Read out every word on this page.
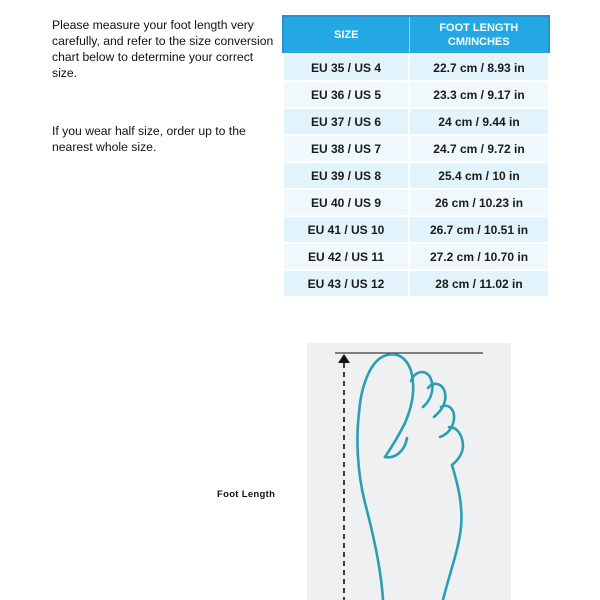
Please measure your foot length very carefully, and refer to the size conversion chart below to determine your correct size.

If you wear half size, order up to the nearest whole size.

SIZE	FOOT LENGTH
CM/INCHES
EU 35 / US 4	22.7 cm / 8.93 in
EU 36 / US 5	23.3 cm / 9.17 in
EU 37 / US 6	24 cm / 9.44 in
EU 38 / US 7	24.7 cm / 9.72 in
EU 39 / US 8	25.4 cm / 10 in
EU 40 / US 9	26 cm / 10.23 in
EU 41 / US 10	26.7 cm / 10.51 in
EU 42 / US 11	27.2 cm / 10.70 in
EU 43 / US 12	28 cm / 11.02 in
Foot Length
